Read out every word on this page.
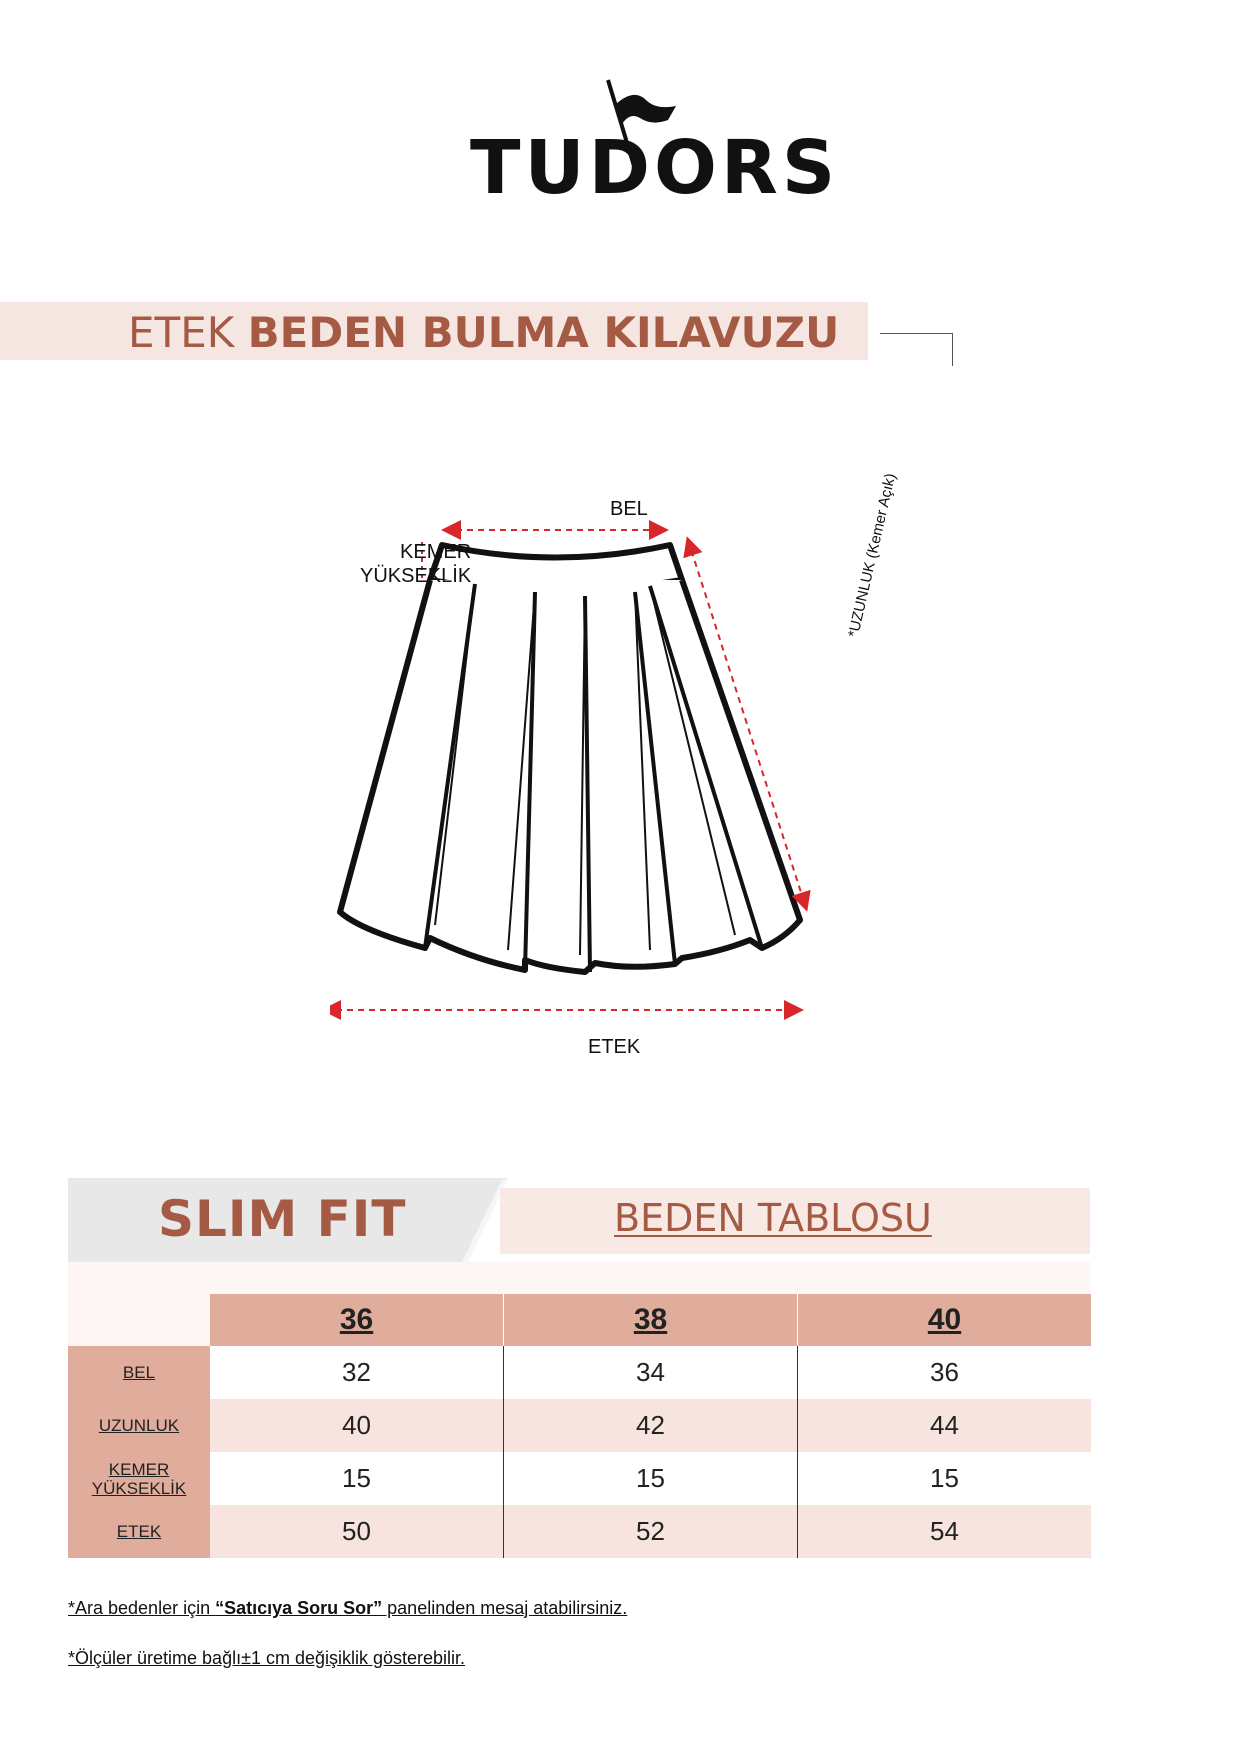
TUDORS
ETEK BEDEN BULMA KILAVUZU
BEL
KEMER
YÜKSEKLİK
ETEK
*UZUNLUK (Kemer Açık)
SLIM FIT	BEDEN TABLOSU
	36	38	40
BEL	32	34	36
UZUNLUK	40	42	44

KEMER
YÜKSEKLİK	15	15	15
ETEK	50	52	54
*Ara bedenler için “Satıcıya Soru Sor” panelinden mesaj atabilirsiniz.
*Ölçüler üretime bağlı±1 cm değişiklik gösterebilir.
